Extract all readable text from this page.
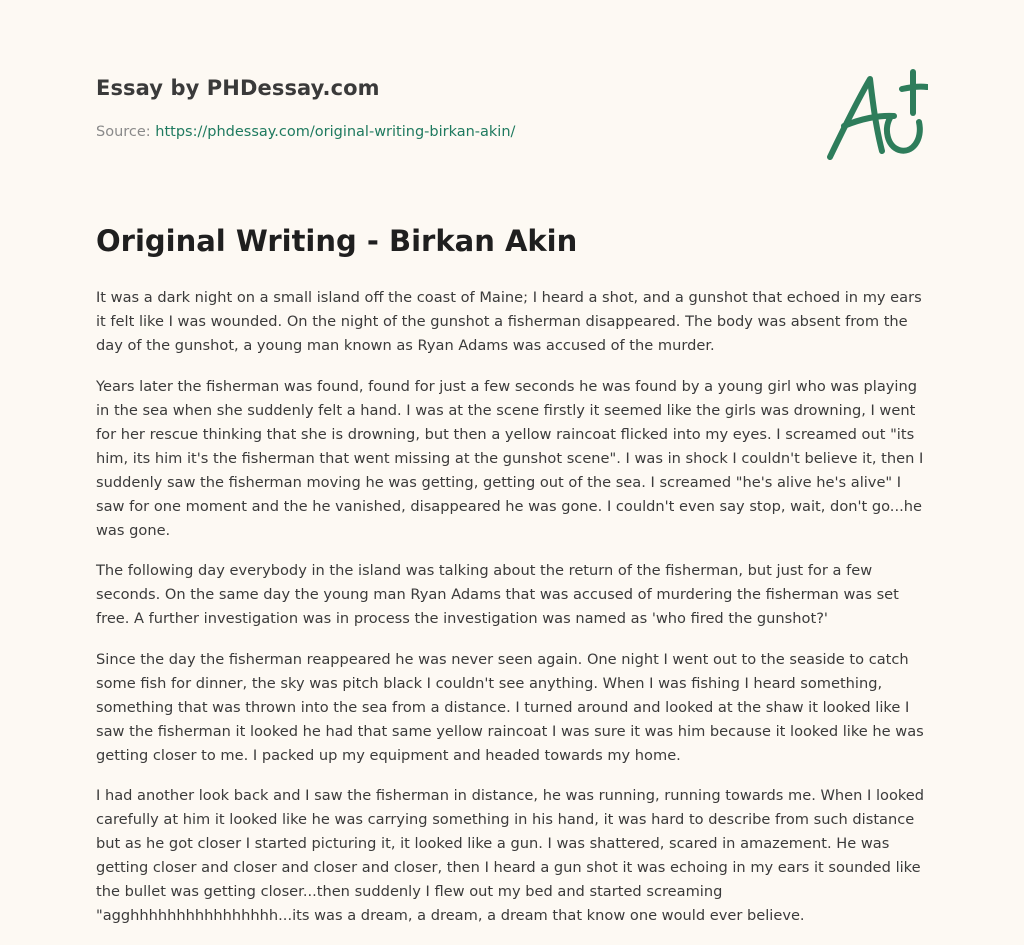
Essay by PHDessay.com
Source: https://phdessay.com/original-writing-birkan-akin/
Original Writing - Birkan Akin

It was a dark night on a small island off the coast of Maine; I heard a shot, and a gunshot that echoed in my ears it felt like I was wounded. On the night of the gunshot a fisherman disappeared. The body was absent from the day of the gunshot, a young man known as Ryan Adams was accused of the murder.

Years later the fisherman was found, found for just a few seconds he was found by a young girl who was playing in the sea when she suddenly felt a hand. I was at the scene firstly it seemed like the girls was drowning, I went for her rescue thinking that she is drowning, but then a yellow raincoat flicked into my eyes. I screamed out "its him, its him it's the fisherman that went missing at the gunshot scene". I was in shock I couldn't believe it, then I suddenly saw the fisherman moving he was getting, getting out of the sea. I screamed "he's alive he's alive" I saw for one moment and the he vanished, disappeared he was gone. I couldn't even say stop, wait, don't go...he was gone.

The following day everybody in the island was talking about the return of the fisherman, but just for a few seconds. On the same day the young man Ryan Adams that was accused of murdering the fisherman was set free. A further investigation was in process the investigation was named as 'who fired the gunshot?'

Since the day the fisherman reappeared he was never seen again. One night I went out to the seaside to catch some fish for dinner, the sky was pitch black I couldn't see anything. When I was fishing I heard something, something that was thrown into the sea from a distance. I turned around and looked at the shaw it looked like I saw the fisherman it looked he had that same yellow raincoat I was sure it was him because it looked like he was getting closer to me. I packed up my equipment and headed towards my home.

I had another look back and I saw the fisherman in distance, he was running, running towards me. When I looked carefully at him it looked like he was carrying something in his hand, it was hard to describe from such distance but as he got closer I started picturing it, it looked like a gun. I was shattered, scared in amazement. He was getting closer and closer and closer and closer, then I heard a gun shot it was echoing in my ears it sounded like the bullet was getting closer...then suddenly I flew out my bed and started screaming "agghhhhhhhhhhhhhhhh...its was a dream, a dream, a dream that know one would ever believe.
